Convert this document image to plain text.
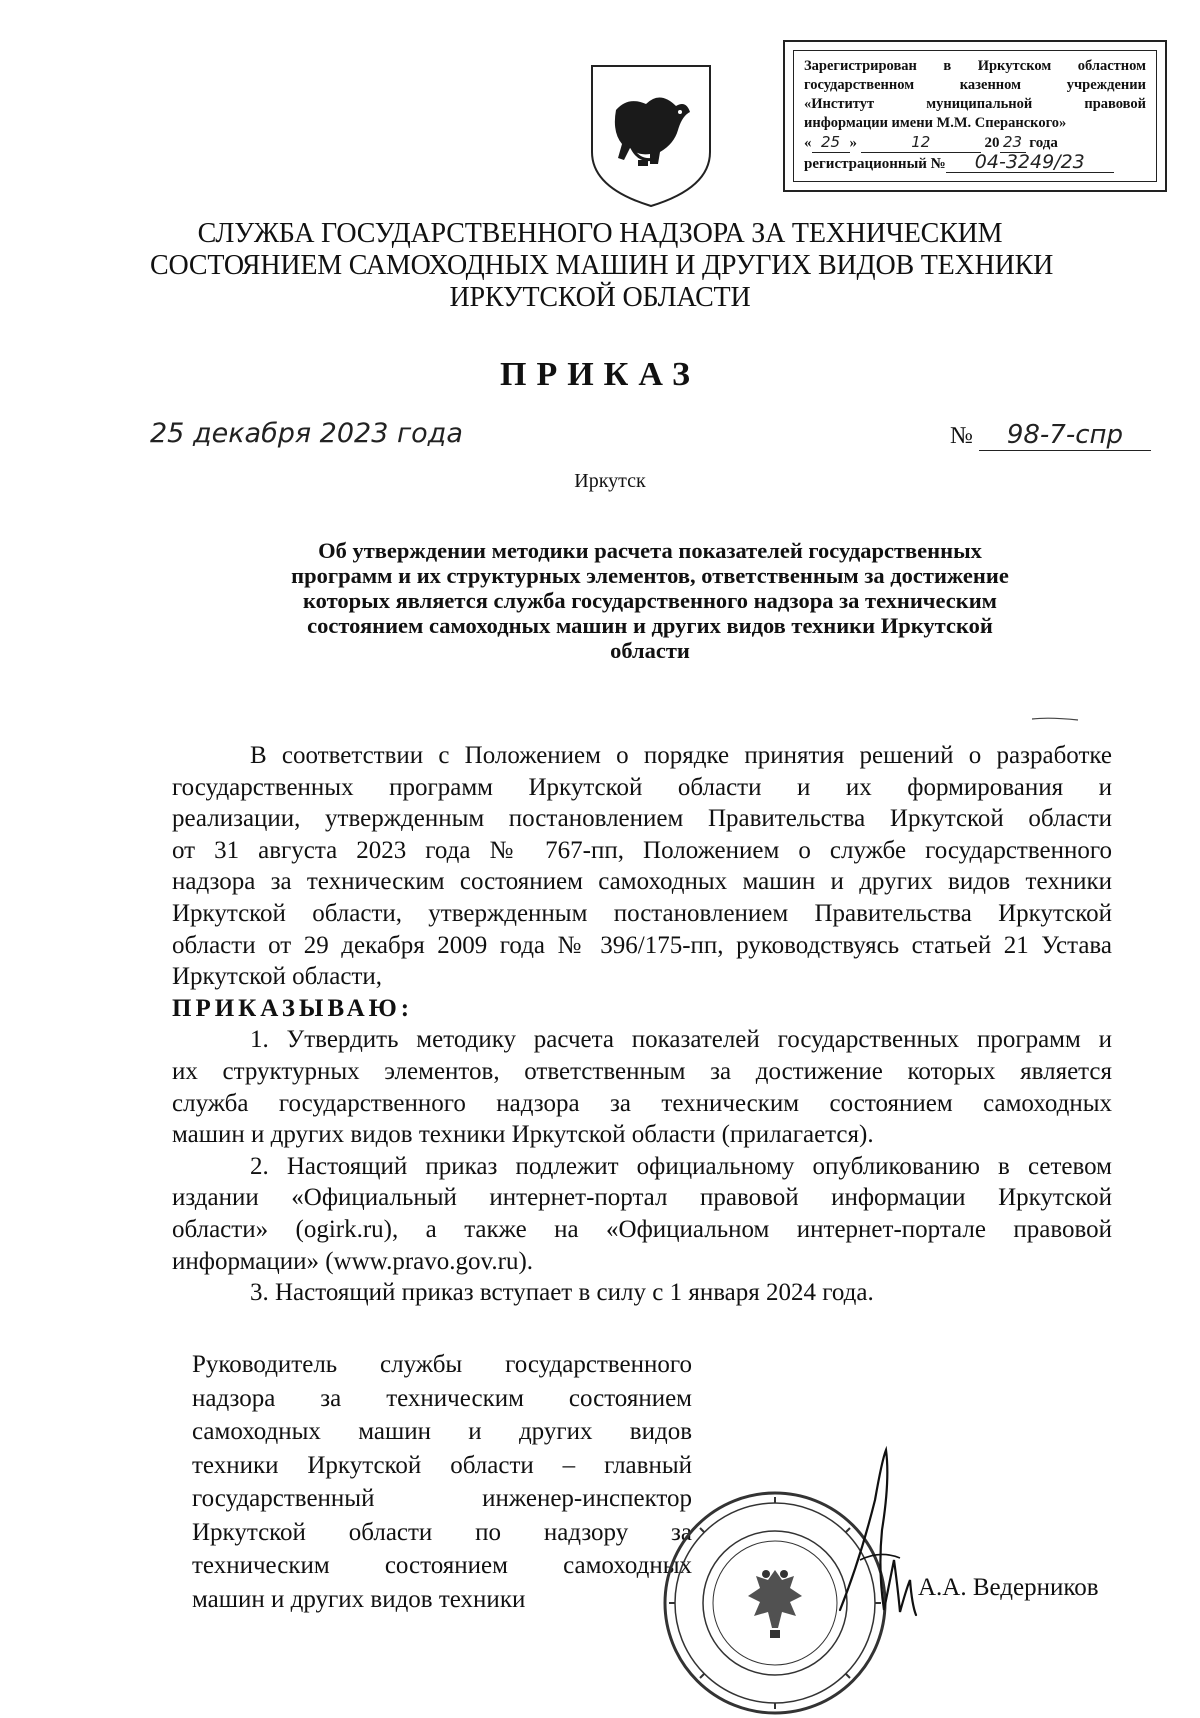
Зарегистрирован в Иркутском областном
государственном казенном учреждении
«Институт муниципальной правовой
информации имени М.М. Сперанского»
« 25 »	12
	20 23
года
регистрационный №	04-3249/23
СЛУЖБА ГОСУДАРСТВЕННОГО НАДЗОРА ЗА ТЕХНИЧЕСКИМ
СОСТОЯНИЕМ САМОХОДНЫХ МАШИН И ДРУГИХ ВИДОВ ТЕХНИКИ
ИРКУТСКОЙ ОБЛАСТИ
ПРИКАЗ
25 декабря 2023 года	№ 98-7-спр
Иркутск
Об утверждении методики расчета показателей государственных
программ и их структурных элементов, ответственным за достижение
которых является служба государственного надзора за техническим
состоянием самоходных машин и других видов техники Иркутской
области
В соответствии с Положением о порядке принятия решений о разработке
государственных программ Иркутской области и их формирования и
реализации, утвержденным постановлением Правительства Иркутской области
от 31 августа 2023 года № 767-пп, Положением о службе государственного
надзора за техническим состоянием самоходных машин и других видов техники
Иркутской области, утвержденным постановлением Правительства Иркутской
области от 29 декабря 2009 года № 396/175-пп, руководствуясь статьей 21 Устава
Иркутской области,
ПРИКАЗЫВАЮ:
1. Утвердить методику расчета показателей государственных программ и
их структурных элементов, ответственным за достижение которых является
служба государственного надзора за техническим состоянием самоходных
машин и других видов техники Иркутской области (прилагается).
2. Настоящий приказ подлежит официальному опубликованию в сетевом
издании «Официальный интернет-портал правовой информации Иркутской
области» (ogirk.ru), а также на «Официальном интернет-портале правовой
информации» (www.pravo.gov.ru).
3. Настоящий приказ вступает в силу с 1 января 2024 года.
Руководитель службы государственного
надзора за техническим состоянием
самоходных машин и других видов
техники Иркутской области – главный
государственный инженер-инспектор
Иркутской области по надзору за
техническим состоянием самоходных
машин и других видов техники	А.А. Ведерников
